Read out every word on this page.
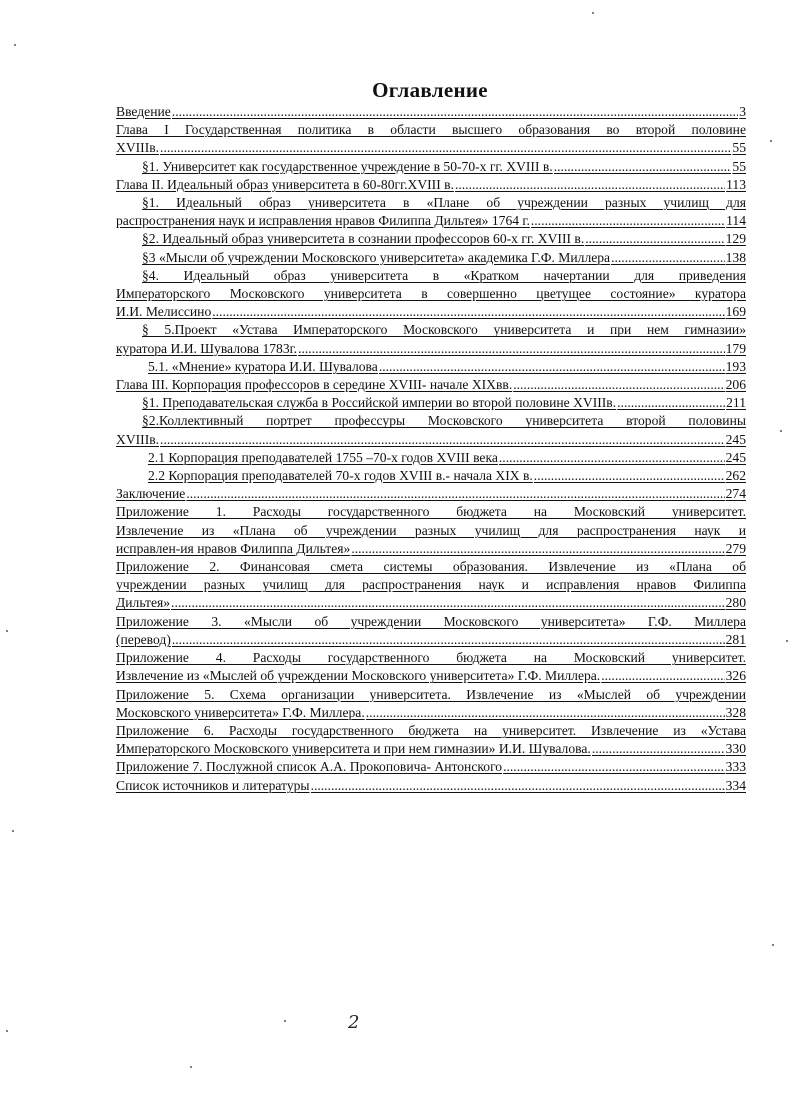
Оглавление
Введение .....	3
Глава I Государственная политика в области высшего образования во второй половине
XVIIIв. .....	55
§1. Университет как государственное учреждение в 50-70-х гг. XVIII в. .....	55
Глава II. Идеальный образ университета в 60-80гг.XVIII в. .....	113
§1. Идеальный образ университета в «Плане об учреждении разных училищ для
распространения наук и исправления нравов Филиппа Дильтея» 1764 г. .....	114
§2. Идеальный образ университета в сознании профессоров 60-х гг. XVIII в. .....	129
§3 «Мысли об учреждении Московского университета» академика Г.Ф. Миллера .....	138
§4. Идеальный образ университета в «Кратком начертании для приведения
Императорского Московского университета в совершенно цветущее состояние» куратора
И.И. Мелиссино .....	169
§ 5.Проект «Устава Императорского Московского университета и при нем гимназии»
куратора И.И. Шувалова 1783г. .....	179
5.1. «Мнение» куратора И.И. Шувалова .....	193
Глава III. Корпорация профессоров в середине XVIII- начале XIXвв. .....	206
§1. Преподавательская служба в Российской империи во второй половине XVIIIв. .....	211
§2.Коллективный портрет профессуры Московского университета второй половины
XVIIIв. .....	245
2.1 Корпорация преподавателей 1755 –70-х годов XVIII века .....	245
2.2 Корпорация преподавателей 70-х годов XVIII в.- начала XIX в. .....	262
Заключение .....	274
Приложение 1. Расходы государственного бюджета на Московский университет.
Извлечение из «Плана об учреждении разных училищ для распространения наук и
исправлен-ия нравов Филиппа Дильтея» .....	279
Приложение 2. Финансовая смета системы образования. Извлечение из «Плана об
учреждении разных училищ для распространения наук и исправления нравов Филиппа
Дильтея» .....	280
Приложение 3. «Мысли об учреждении Московского университета» Г.Ф. Миллера
(перевод) .....	281
Приложение 4. Расходы государственного бюджета на Московский университет.
Извлечение из «Мыслей об учреждении Московского университета» Г.Ф. Миллера. .....	326
Приложение 5. Схема организации университета. Извлечение из «Мыслей об учреждении
Московского университета» Г.Ф. Миллера. .....	328
Приложение 6. Расходы государственного бюджета на университет. Извлечение из «Устава
Императорского Московского университета и при нем гимназии» И.И. Шувалова. .....	330
Приложение 7. Послужной список А.А. Прокоповича- Антонского .....	333
Список источников и литературы .....	334
2
